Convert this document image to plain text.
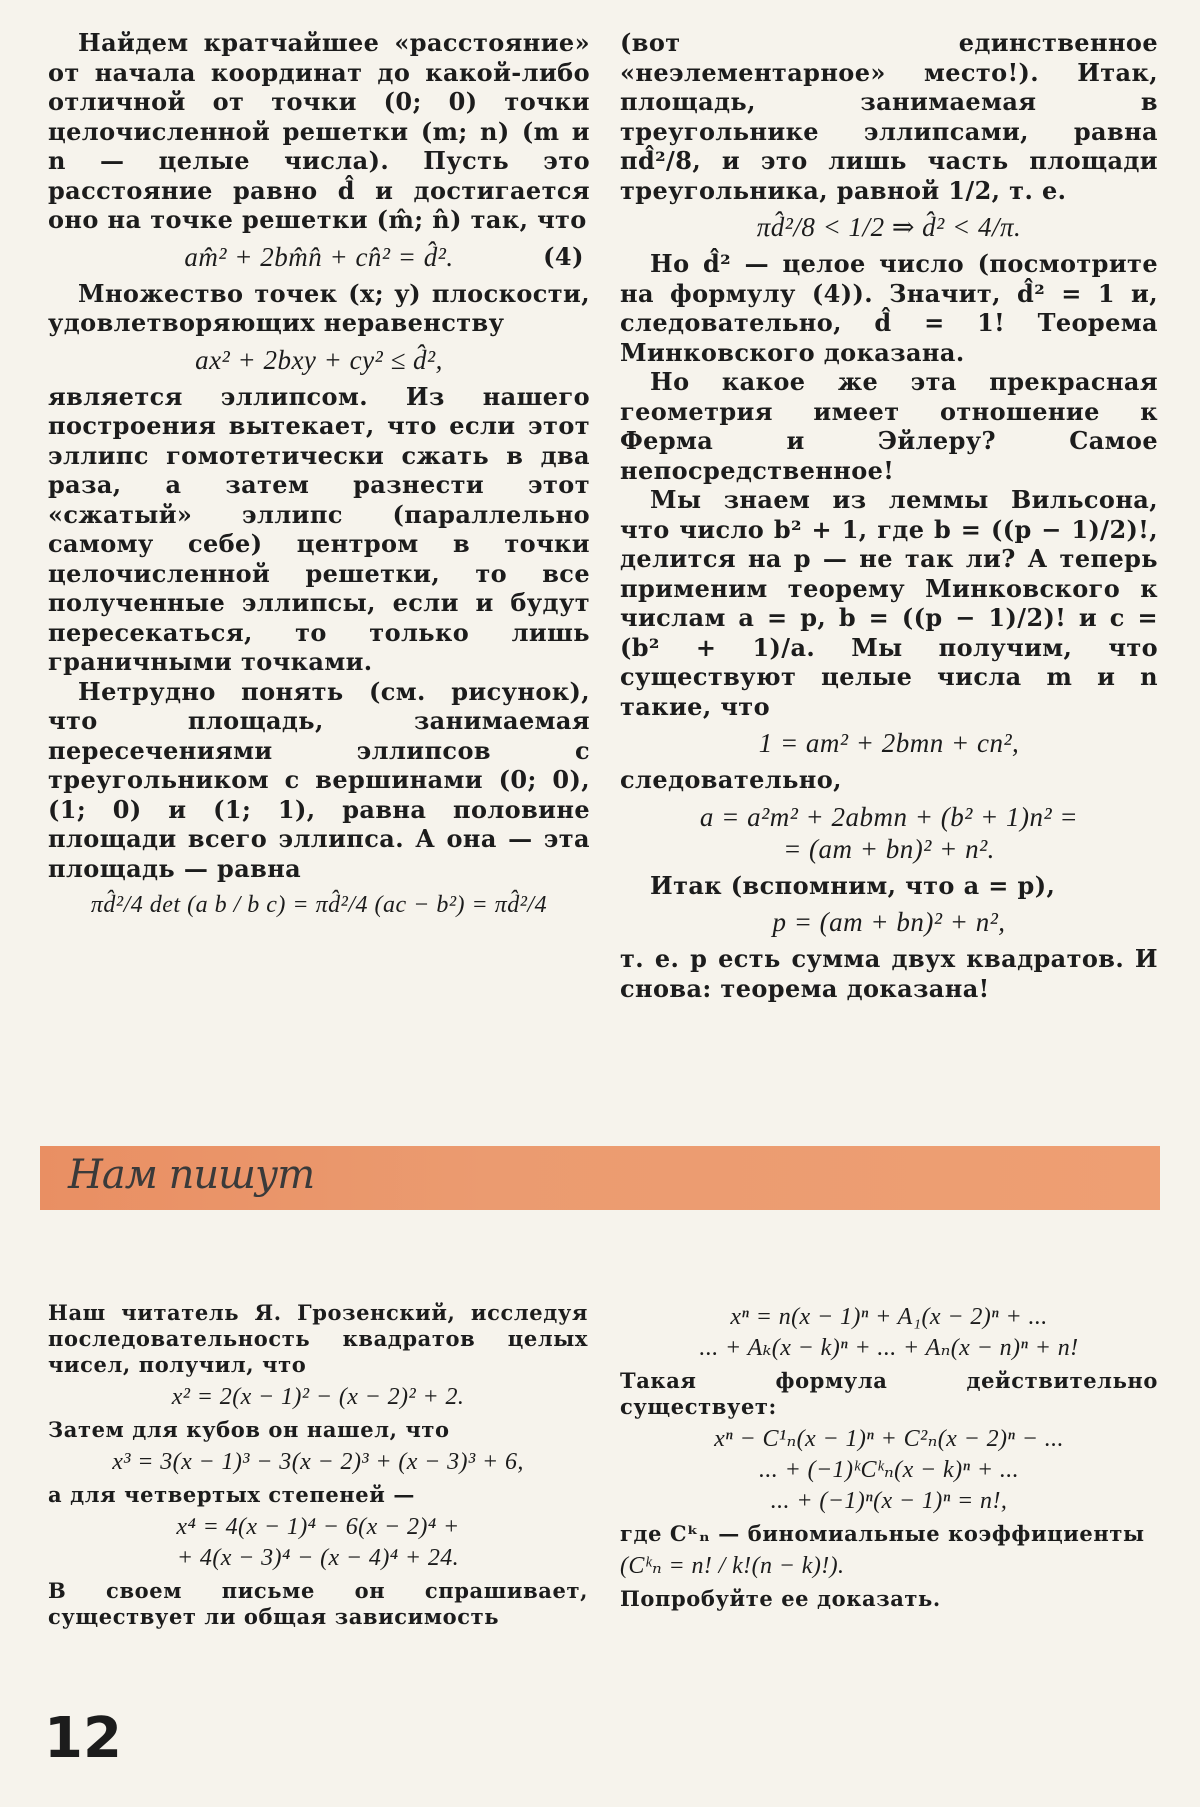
Найдем кратчайшее «расстояние» от начала координат до какой-либо отличной от точки (0; 0) точки целочисленной решетки (m; n) (m и n — целые числа). Пусть это расстояние равно d̂ и достигается оно на точке решетки (m̂; n̂) так, что

am̂² + 2bm̂n̂ + cn̂² = d̂².	(4)

Множество точек (x; y) плоскости, удовлетворяющих неравенству

ax² + 2bxy + cy² ≤ d̂²,

является эллипсом. Из нашего построения вытекает, что если этот эллипс гомотетически сжать в два раза, а затем разнести этот «сжатый» эллипс (параллельно самому себе) центром в точки целочисленной решетки, то все полученные эллипсы, если и будут пересекаться, то только лишь граничными точками.

Нетрудно понять (см. рисунок), что площадь, занимаемая пересечениями эллипсов с треугольником с вершинами (0; 0), (1; 0) и (1; 1), равна половине площади всего эллипса. А она — эта площадь — равна

πd̂²/4 det (a b / b c) = πd̂²/4 (ac − b²) = πd̂²/4

(вот единственное «неэлементарное» место!). Итак, площадь, занимаемая в треугольнике эллипсами, равна πd̂²/8, и это лишь часть площади треугольника, равной 1/2, т. е.

πd̂²/8 < 1/2 ⇒ d̂² < 4/π.

Но d̂² — целое число (посмотрите на формулу (4)). Значит, d̂² = 1 и, следовательно, d̂ = 1! Теорема Минковского доказана.

Но какое же эта прекрасная геометрия имеет отношение к Ферма и Эйлеру? Самое непосредственное!

Мы знаем из леммы Вильсона, что число b² + 1, где b = ((p − 1)/2)!, делится на p — не так ли? А теперь применим теорему Минковского к числам a = p, b = ((p − 1)/2)! и c = (b² + 1)/a. Мы получим, что существуют целые числа m и n такие, что

1 = am² + 2bmn + cn²,

следовательно,

a = a²m² + 2abmn + (b² + 1)n² =
= (am + bn)² + n².

Итак (вспомним, что a = p),

p = (am + bn)² + n²,

т. е. p есть сумма двух квадратов. И снова: теорема доказана!

Нам пишут

Наш читатель Я. Грозенский, исследуя последовательность квадратов целых чисел, получил, что

x² = 2(x − 1)² − (x − 2)² + 2.

Затем для кубов он нашел, что

x³ = 3(x − 1)³ − 3(x − 2)³ + (x − 3)³ + 6,

а для четвертых степеней —

x⁴ = 4(x − 1)⁴ − 6(x − 2)⁴ +
+ 4(x − 3)⁴ − (x − 4)⁴ + 24.

В своем письме он спрашивает, существует ли общая зависимость

xⁿ = n(x − 1)ⁿ + A₁(x − 2)ⁿ + ...
... + Aₖ(x − k)ⁿ + ... + Aₙ(x − n)ⁿ + n!

Такая формула действительно существует:

xⁿ − C¹ₙ(x − 1)ⁿ + C²ₙ(x − 2)ⁿ − ...
... + (−1)ᵏCᵏₙ(x − k)ⁿ + ...
... + (−1)ⁿ(x − 1)ⁿ = n!,

где Cᵏₙ — биномиальные коэффициенты

(Cᵏₙ = n! / k!(n − k)!).

Попробуйте ее доказать.

12
